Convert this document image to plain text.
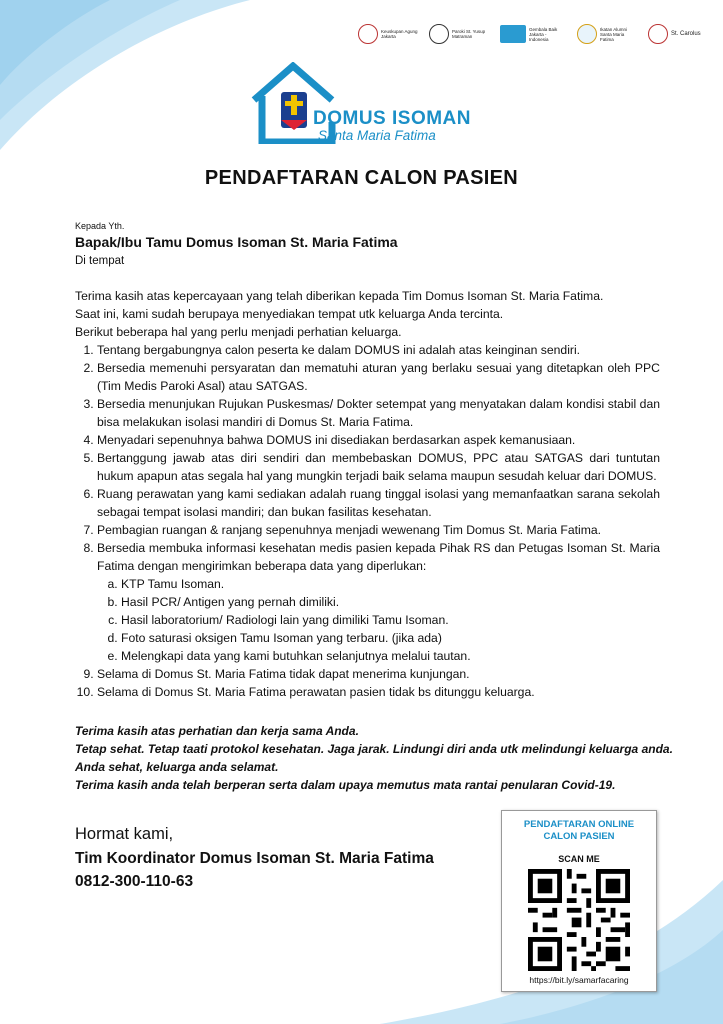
Keuskupan Agung Jakarta
Paroki St. Yusup Matraman
Gembala Baik Jakarta - Indonesia
Ikatan Alumni Santa Maria Fatima
St. Carolus
DOMUS ISOMAN
Santa Maria Fatima
PENDAFTARAN CALON PASIEN
Kepada Yth.
Bapak/Ibu Tamu Domus Isoman St. Maria Fatima
Di tempat

Terima kasih atas kepercayaan yang telah diberikan kepada Tim Domus Isoman St. Maria Fatima.

Saat ini, kami sudah berupaya menyediakan tempat utk keluarga Anda tercinta.

Berikut beberapa hal yang perlu menjadi perhatian keluarga.

1. Tentang bergabungnya calon peserta ke dalam DOMUS ini adalah atas keinginan sendiri.
2. Bersedia memenuhi persyaratan dan mematuhi aturan yang berlaku sesuai yang ditetapkan oleh PPC (Tim Medis Paroki Asal) atau SATGAS.
3. Bersedia menunjukan Rujukan Puskesmas/ Dokter setempat yang menyatakan dalam kondisi stabil dan bisa melakukan isolasi mandiri di Domus St. Maria Fatima.
4. Menyadari sepenuhnya bahwa DOMUS ini disediakan berdasarkan aspek kemanusiaan.
5. Bertanggung jawab atas diri sendiri dan membebaskan DOMUS, PPC atau SATGAS dari tuntutan hukum apapun atas segala hal yang mungkin terjadi baik selama maupun sesudah keluar dari DOMUS.
6. Ruang perawatan yang kami sediakan adalah ruang tinggal isolasi yang memanfaatkan sarana sekolah sebagai tempat isolasi mandiri; dan bukan fasilitas kesehatan.
7. Pembagian ruangan & ranjang sepenuhnya menjadi wewenang Tim Domus St. Maria Fatima.
8. Bersedia membuka informasi kesehatan medis pasien kepada Pihak RS dan Petugas Isoman St. Maria Fatima dengan mengirimkan beberapa data yang diperlukan:
a. KTP Tamu Isoman.
b. Hasil PCR/ Antigen yang pernah dimiliki.
c. Hasil laboratorium/ Radiologi lain yang dimiliki Tamu Isoman.
d. Foto saturasi oksigen Tamu Isoman yang terbaru. (jika ada)
e. Melengkapi data yang kami butuhkan selanjutnya melalui tautan.
9. Selama di Domus St. Maria Fatima tidak dapat menerima kunjungan.
10. Selama di Domus St. Maria Fatima perawatan pasien tidak bs ditunggu keluarga.

Terima kasih atas perhatian dan kerja sama Anda.

Tetap sehat. Tetap taati protokol kesehatan. Jaga jarak. Lindungi diri anda utk melindungi keluarga anda. Anda sehat, keluarga anda selamat.

Terima kasih anda telah berperan serta dalam upaya memutus mata rantai penularan Covid-19.

Hormat kami,
Tim Koordinator Domus Isoman St. Maria Fatima
0812-300-110-63
PENDAFTARAN ONLINE
CALON PASIEN
SCAN ME
https://bit.ly/samarfacaring
